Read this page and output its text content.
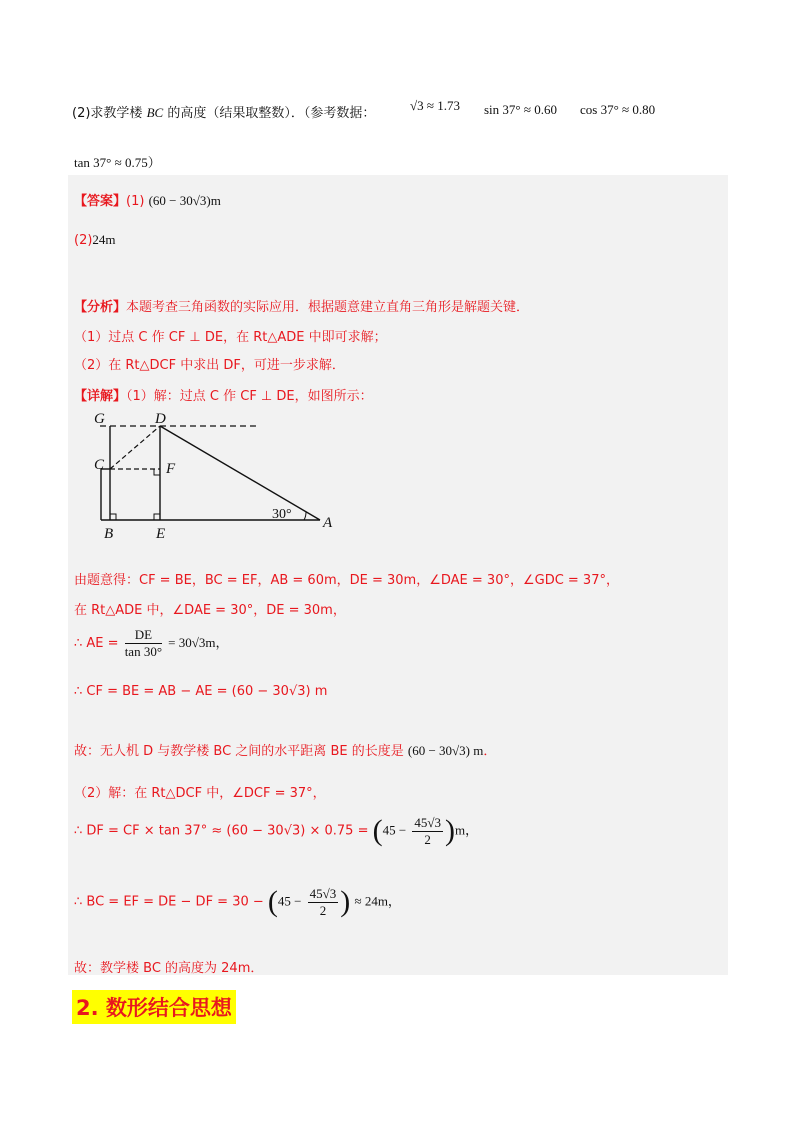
(2)求教学楼 BC 的高度（结果取整数）．（参考数据：
√3 ≈ 1.73 sin 37° ≈ 0.60 cos 37° ≈ 0.80
tan 37° ≈ 0.75）
【答案】(1) (60 − 30√3)m
(2)24m
【分析】本题考查三角函数的实际应用．根据题意建立直角三角形是解题关键．
（1）过点 C 作 CF ⊥ DE，在 Rt△ADE 中即可求解；
（2）在 Rt△DCF 中求出 DF，可进一步求解．
【详解】（1）解：过点 C 作 CF ⊥ DE，如图所示：
G	D
C	F
B	E
A
30°
由题意得：CF = BE，BC = EF，AB = 60m，DE = 30m，∠DAE = 30°，∠GDC = 37°，
在 Rt△ADE 中，∠DAE = 30°，DE = 30m，
∴ AE = $\frac{DE}{\tan 30^\circ} = 30√3m$，
∴ CF = BE = AB − AE = (60 − 30√3) m
故：无人机 D 与教学楼 BC 之间的水平距离 BE 的长度是 (60 − 30√3) m．
（2）解：在 Rt△DCF 中，∠DCF = 37°，
∴ DF = CF × $\tan 37^\circ \approx (60 - 30√3) \times 0.75 = (45 - \frac{45√3}{2} )m$，
∴ BC = EF = DE − DF = $30 - (45 - \frac{45√3}{2}$ ) ≈ 24m，
故：教学楼 BC 的高度为 24m．
2. 数形结合思想
